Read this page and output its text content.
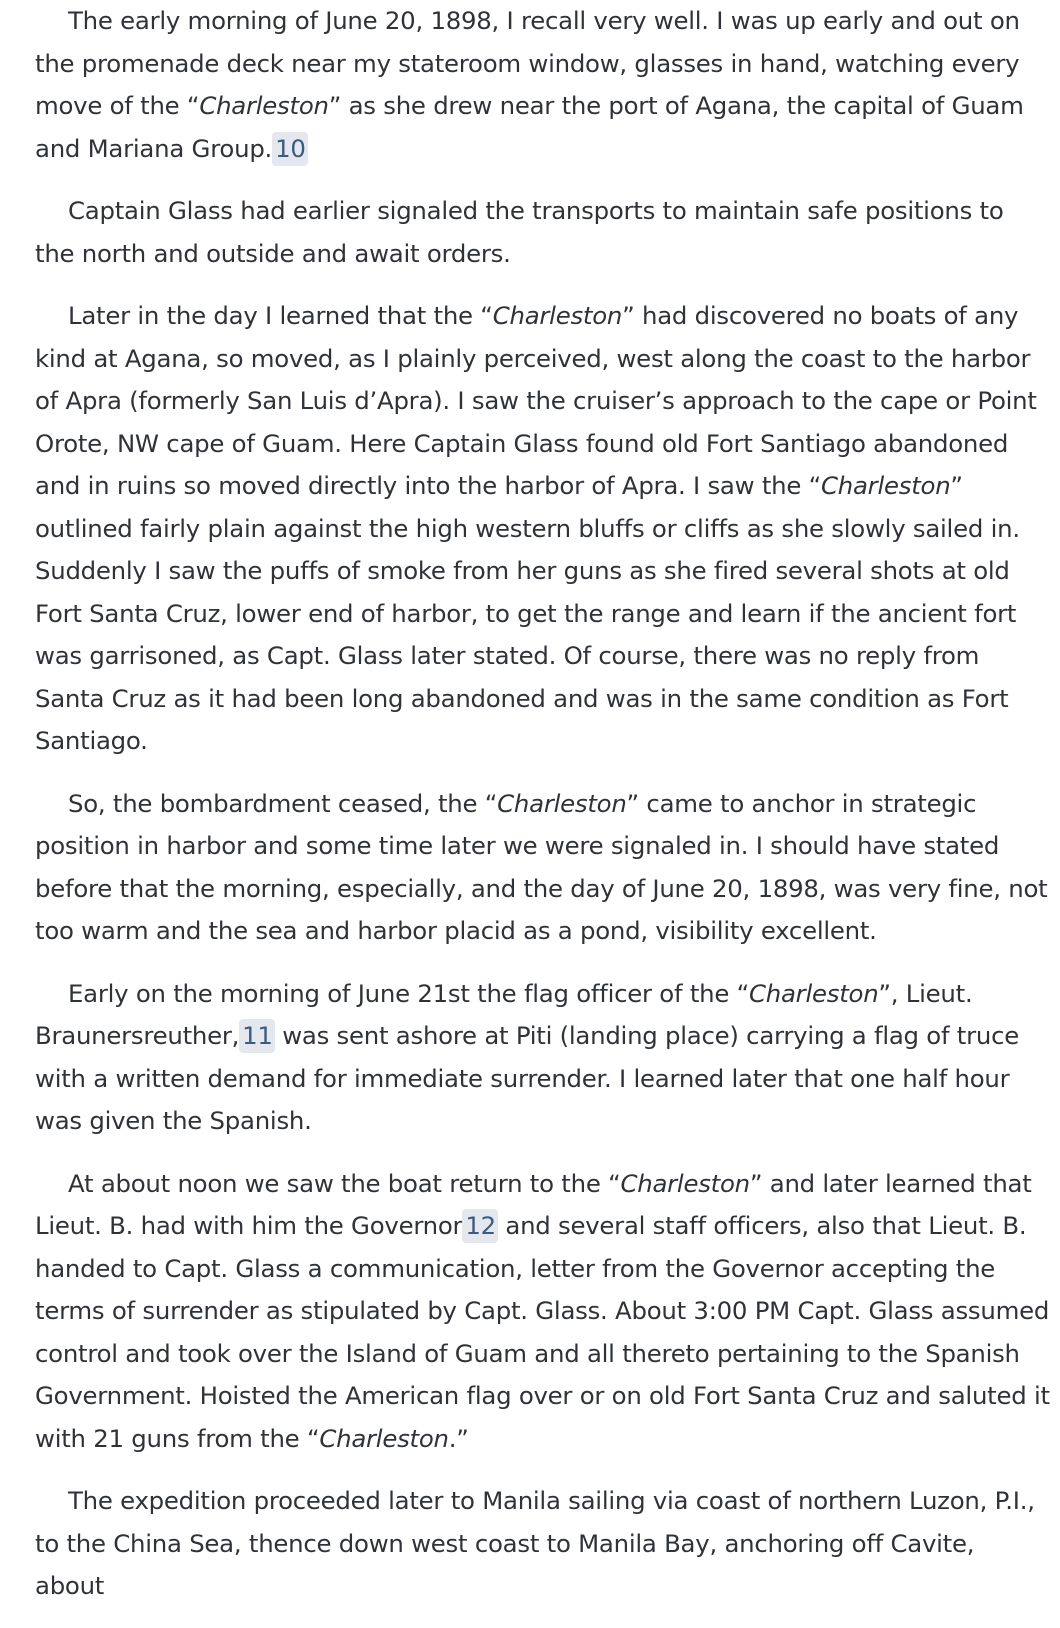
The early morning of June 20, 1898, I recall very well. I was up early and out on the promenade deck near my stateroom window, glasses in hand, watching every move of the “Charleston” as she drew near the port of Agana, the capital of Guam and Mariana Group. 10

Captain Glass had earlier signaled the transports to maintain safe positions to the north and outside and await orders.

Later in the day I learned that the “Charleston” had discovered no boats of any kind at Agana, so moved, as I plainly perceived, west along the coast to the harbor of Apra (formerly San Luis d’Apra). I saw the cruiser’s approach to the cape or Point Orote, NW cape of Guam. Here Captain Glass found old Fort Santiago abandoned and in ruins so moved directly into the harbor of Apra. I saw the “Charleston” outlined fairly plain against the high western bluffs or cliffs as she slowly sailed in. Suddenly I saw the puffs of smoke from her guns as she fired several shots at old Fort Santa Cruz, lower end of harbor, to get the range and learn if the ancient fort was garrisoned, as Capt. Glass later stated. Of course, there was no reply from Santa Cruz as it had been long abandoned and was in the same condition as Fort Santiago.

So, the bombardment ceased, the “Charleston” came to anchor in strategic position in harbor and some time later we were signaled in. I should have stated before that the morning, especially, and the day of June 20, 1898, was very fine, not too warm and the sea and harbor placid as a pond, visibility excellent.

Early on the morning of June 21st the flag officer of the “Charleston”, Lieut. Braunersreuther, 11 was sent ashore at Piti (landing place) carrying a flag of truce with a written demand for immediate surrender. I learned later that one half hour was given the Spanish.

At about noon we saw the boat return to the “Charleston” and later learned that Lieut. B. had with him the Governor 12 and several staff officers, also that Lieut. B. handed to Capt. Glass a communication, letter from the Governor accepting the terms of surrender as stipulated by Capt. Glass. About 3:00 PM Capt. Glass assumed control and took over the Island of Guam and all thereto pertaining to the Spanish Government. Hoisted the American flag over or on old Fort Santa Cruz and saluted it with 21 guns from the “Charleston.”

The expedition proceeded later to Manila sailing via coast of northern Luzon, P.I., to the China Sea, thence down west coast to Manila Bay, anchoring off Cavite, about
